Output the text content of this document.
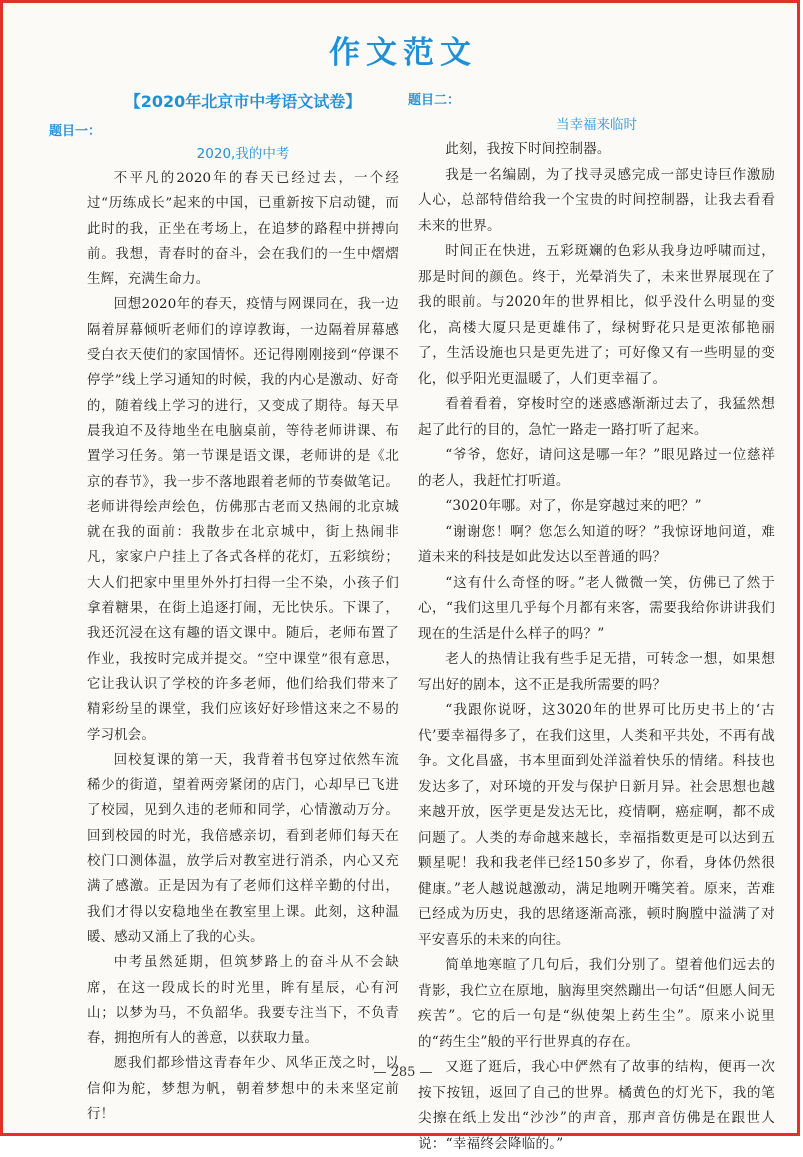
作文范文
【2020年北京市中考语文试卷】
题目一：
2020,我的中考

不平凡的2020年的春天已经过去，一个经过“历练成长”起来的中国，已重新按下启动键，而此时的我，正坐在考场上，在追梦的路程中拼搏向前。我想，青春时的奋斗，会在我们的一生中熠熠生辉，充满生命力。

回想2020年的春天，疫情与网课同在，我一边隔着屏幕倾听老师们的谆谆教诲，一边隔着屏幕感受白衣天使们的家国情怀。还记得刚刚接到“停课不停学”线上学习通知的时候，我的内心是激动、好奇的，随着线上学习的进行，又变成了期待。每天早晨我迫不及待地坐在电脑桌前，等待老师讲课、布置学习任务。第一节课是语文课，老师讲的是《北京的春节》，我一步不落地跟着老师的节奏做笔记。老师讲得绘声绘色，仿佛那古老而又热闹的北京城就在我的面前：我散步在北京城中，街上热闹非凡，家家户户挂上了各式各样的花灯，五彩缤纷；大人们把家中里里外外打扫得一尘不染，小孩子们拿着糖果，在街上追逐打闹，无比快乐。下课了，我还沉浸在这有趣的语文课中。随后，老师布置了作业，我按时完成并提交。“空中课堂”很有意思，它让我认识了学校的许多老师，他们给我们带来了精彩纷呈的课堂，我们应该好好珍惜这来之不易的学习机会。

回校复课的第一天，我背着书包穿过依然车流稀少的街道，望着两旁紧闭的店门，心却早已飞进了校园，见到久违的老师和同学，心情激动万分。回到校园的时光，我倍感亲切，看到老师们每天在校门口测体温，放学后对教室进行消杀，内心又充满了感激。正是因为有了老师们这样辛勤的付出，我们才得以安稳地坐在教室里上课。此刻，这种温暖、感动又涌上了我的心头。

中考虽然延期，但筑梦路上的奋斗从不会缺席，在这一段成长的时光里，眸有星辰，心有河山；以梦为马，不负韶华。我要专注当下，不负青春，拥抱所有人的善意，以获取力量。

愿我们都珍惜这青春年少、风华正茂之时，以信仰为舵，梦想为帆，朝着梦想中的未来坚定前行！

题目二：
当幸福来临时

此刻，我按下时间控制器。

我是一名编剧，为了找寻灵感完成一部史诗巨作激励人心，总部特借给我一个宝贵的时间控制器，让我去看看未来的世界。

时间正在快进，五彩斑斓的色彩从我身边呼啸而过，那是时间的颜色。终于，光晕消失了，未来世界展现在了我的眼前。与2020年的世界相比，似乎没什么明显的变化，高楼大厦只是更雄伟了，绿树野花只是更浓郁艳丽了，生活设施也只是更先进了；可好像又有一些明显的变化，似乎阳光更温暖了，人们更幸福了。

看着看着，穿梭时空的迷惑感渐渐过去了，我猛然想起了此行的目的，急忙一路走一路打听了起来。

“爷爷，您好，请问这是哪一年？”眼见路过一位慈祥的老人，我赶忙打听道。

“3020年哪。对了，你是穿越过来的吧？”

“谢谢您！啊？您怎么知道的呀？”我惊讶地问道，难道未来的科技是如此发达以至普通的吗？

“这有什么奇怪的呀。”老人微微一笑，仿佛已了然于心，“我们这里几乎每个月都有来客，需要我给你讲讲我们现在的生活是什么样子的吗？”

老人的热情让我有些手足无措，可转念一想，如果想写出好的剧本，这不正是我所需要的吗？

“我跟你说呀，这3020年的世界可比历史书上的‘古代’要幸福得多了，在我们这里，人类和平共处，不再有战争。文化昌盛，书本里面到处洋溢着快乐的情绪。科技也发达多了，对环境的开发与保护日新月异。社会思想也越来越开放，医学更是发达无比，疫情啊，癌症啊，都不成问题了。人类的寿命越来越长，幸福指数更是可以达到五颗星呢！我和我老伴已经150多岁了，你看，身体仍然很健康。”老人越说越激动，满足地咧开嘴笑着。原来，苦难已经成为历史，我的思绪逐渐高涨，顿时胸膛中溢满了对平安喜乐的未来的向往。

简单地寒暄了几句后，我们分别了。望着他们远去的背影，我伫立在原地，脑海里突然蹦出一句话“但愿人间无疾苦”。它的后一句是“纵使架上药生尘”。原来小说里的“药生尘”般的平行世界真的存在。

又逛了逛后，我心中俨然有了故事的结构，便再一次按下按钮，返回了自己的世界。橘黄色的灯光下，我的笔尖擦在纸上发出“沙沙”的声音，那声音仿佛是在跟世人说：“幸福终会降临的。”

— 285 —
